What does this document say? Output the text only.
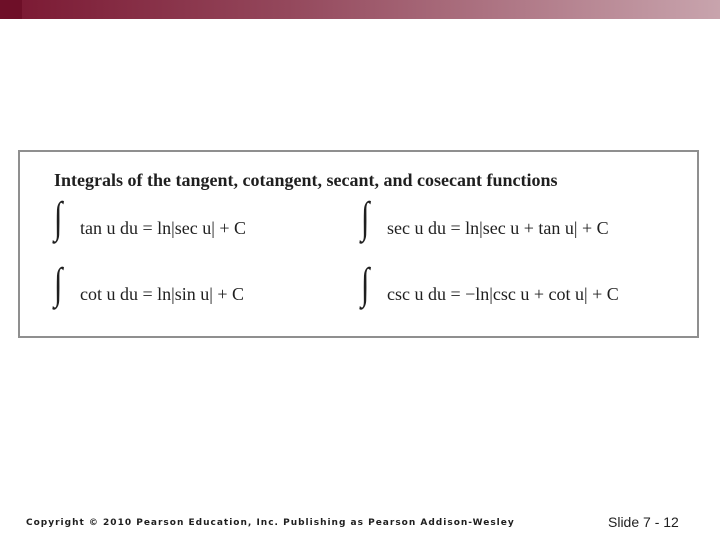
Integrals of the tangent, cotangent, secant, and cosecant functions
∫ tan u du = ln|sec u| + C	∫ sec u du = ln|sec u + tan u| + C
∫ cot u du = ln|sin u| + C	∫ csc u du = −ln|csc u + cot u| + C
Copyright © 2010 Pearson Education, Inc. Publishing as Pearson Addison-Wesley	Slide 7 - 12
